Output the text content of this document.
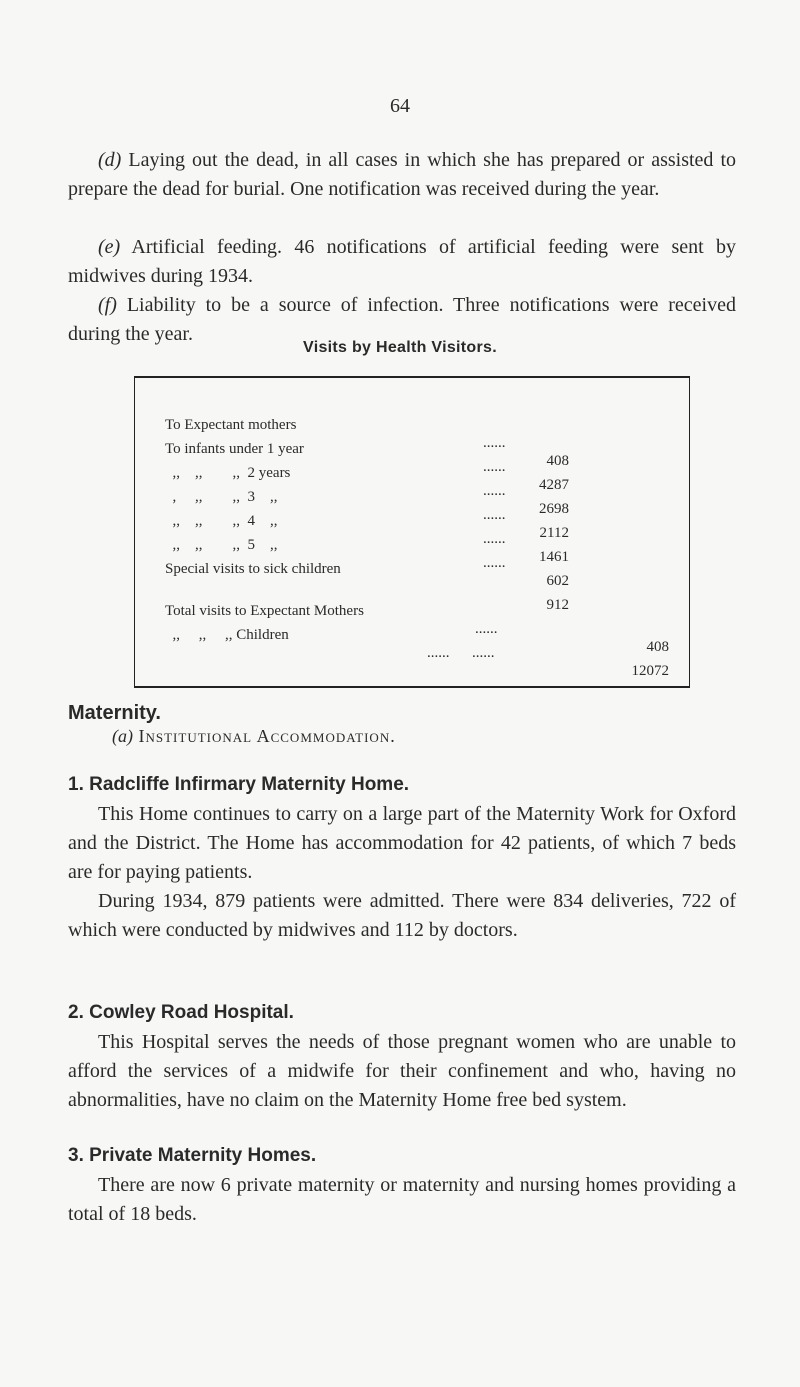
64

(d) Laying out the dead, in all cases in which she has prepared or assisted to prepare the dead for burial. One notification was received during the year.

(e) Artificial feeding. 46 notifications of artificial feeding were sent by midwives during 1934.

(f) Liability to be a source of infection. Three notifications were received during the year.

Visits by Health Visitors.

To Expectant mothers

......

408

To infants under 1 year

......

4287

,,    ,,        ,,  2 years

......

2698

,     ,,        ,,  3    ,,

......

2112

,,    ,,        ,,  4    ,,

......

1461

,,    ,,        ,,  5    ,,

......

602

Special visits to sick children

912

Total visits to Expectant Mothers

......

408

,,     ,,     ,, Children

......      ......

12072

Maternity.
(a) Institutional Accommodation.
1. Radcliffe Infirmary Maternity Home.

This Home continues to carry on a large part of the Maternity Work for Oxford and the District. The Home has accommodation for 42 patients, of which 7 beds are for paying patients.

During 1934, 879 patients were admitted. There were 834 deliveries, 722 of which were conducted by midwives and 112 by doctors.

2. Cowley Road Hospital.

This Hospital serves the needs of those pregnant women who are unable to afford the services of a midwife for their confinement and who, having no abnormalities, have no claim on the Maternity Home free bed system.

3. Private Maternity Homes.

There are now 6 private maternity or maternity and nursing homes providing a total of 18 beds.
